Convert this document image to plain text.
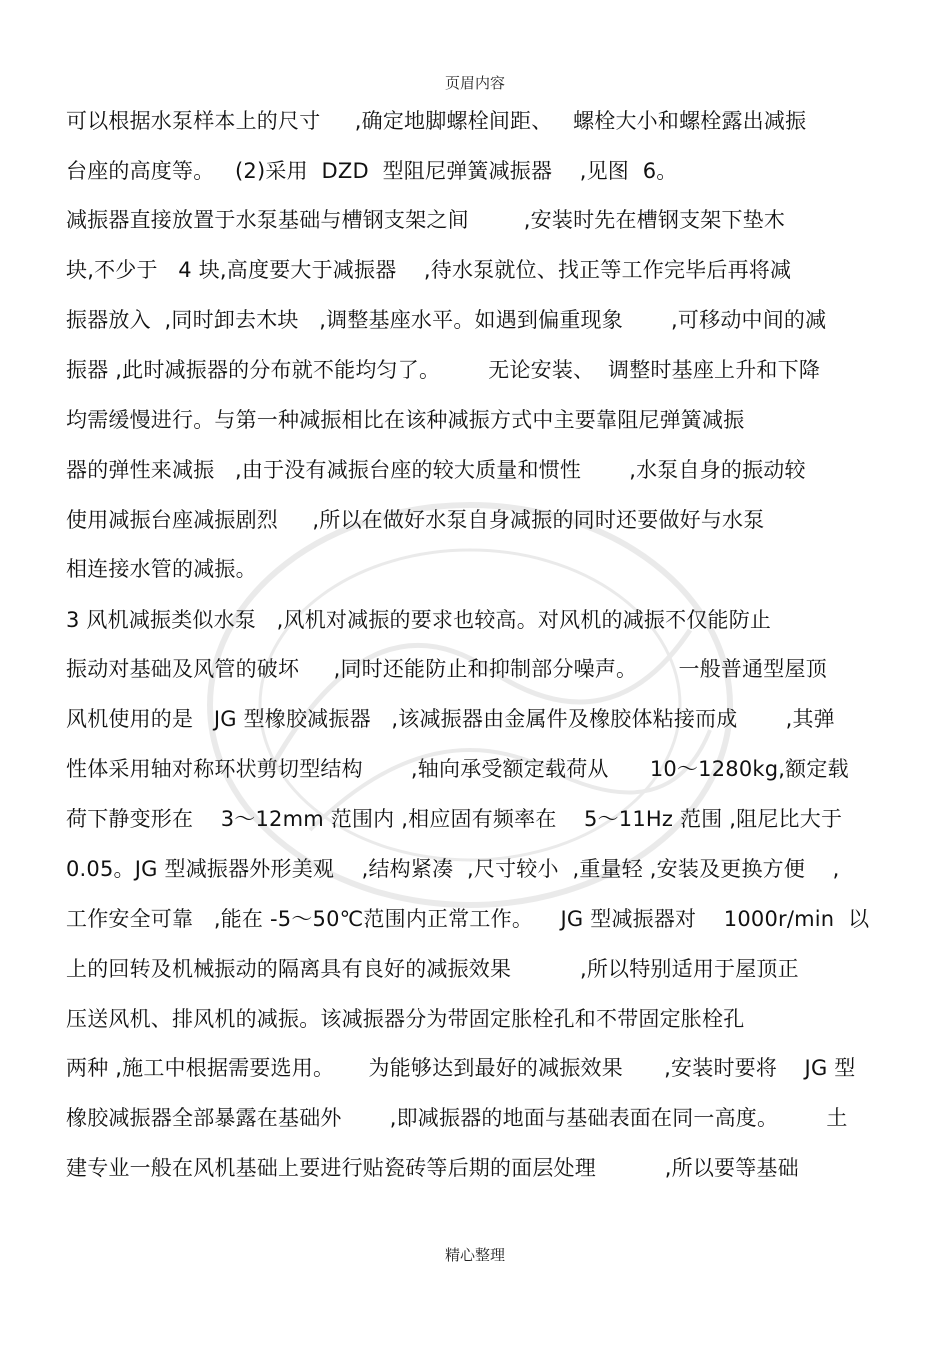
页眉内容
可以根据水泵样本上的尺寸     ,确定地脚螺栓间距、   螺栓大小和螺栓露出减振
台座的高度等。   (2)采用  DZD  型阻尼弹簧减振器    ,见图  6。
减振器直接放置于水泵基础与槽钢支架之间        ,安装时先在槽钢支架下垫木
块,不少于   4 块,高度要大于减振器    ,待水泵就位、找正等工作完毕后再将减
振器放入  ,同时卸去木块   ,调整基座水平。如遇到偏重现象       ,可移动中间的减
振器 ,此时减振器的分布就不能均匀了。       无论安装、  调整时基座上升和下降
均需缓慢进行。与第一种减振相比在该种减振方式中主要靠阻尼弹簧减振
器的弹性来减振   ,由于没有减振台座的较大质量和惯性       ,水泵自身的振动较
使用减振台座减振剧烈     ,所以在做好水泵自身减振的同时还要做好与水泵
相连接水管的减振。
3 风机减振类似水泵   ,风机对减振的要求也较高。对风机的减振不仅能防止
振动对基础及风管的破坏     ,同时还能防止和抑制部分噪声。      一般普通型屋顶
风机使用的是   JG 型橡胶减振器   ,该减振器由金属件及橡胶体粘接而成       ,其弹
性体采用轴对称环状剪切型结构       ,轴向承受额定载荷从      10～1280kg,额定载
荷下静变形在    3～12mm 范围内 ,相应固有频率在    5～11Hz 范围 ,阻尼比大于
0.05。JG 型减振器外形美观    ,结构紧凑  ,尺寸较小  ,重量轻 ,安装及更换方便    ,
工作安全可靠   ,能在 -5～50℃范围内正常工作。    JG 型减振器对    1000r/min  以
上的回转及机械振动的隔离具有良好的减振效果          ,所以特别适用于屋顶正
压送风机、排风机的减振。该减振器分为带固定胀栓孔和不带固定胀栓孔
两种 ,施工中根据需要选用。     为能够达到最好的减振效果      ,安装时要将    JG 型
橡胶减振器全部暴露在基础外       ,即减振器的地面与基础表面在同一高度。       土
建专业一般在风机基础上要进行贴瓷砖等后期的面层处理          ,所以要等基础
精心整理
